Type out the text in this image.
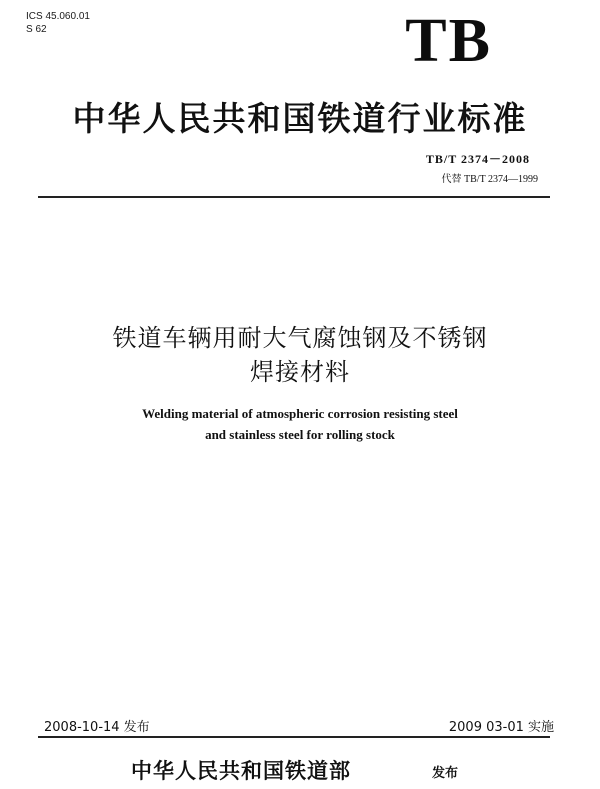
ICS 45.060.01
S 62	TB
中华人民共和国铁道行业标准
TB/T 2374－2008
代替 TB/T 2374—1999
铁道车辆用耐大气腐蚀钢及不锈钢
焊接材料
Welding material of atmospheric corrosion resisting steel
and stainless steel for rolling stock
2008-10-14 发布	2009 03-01 实施
中华人民共和国铁道部	发布
